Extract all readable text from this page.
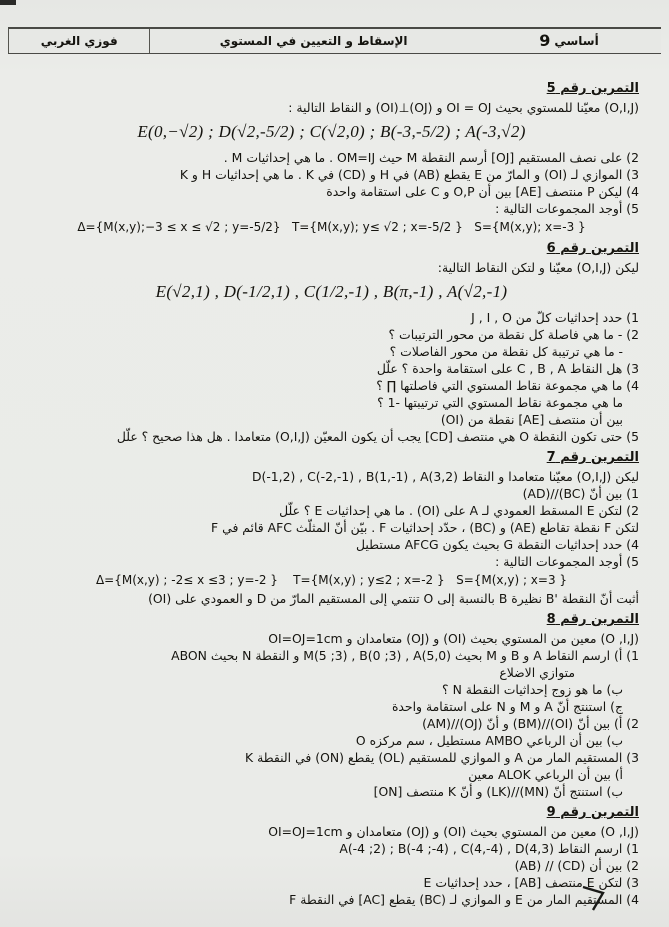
فوزي الغربي	الإسقاط و التعيين في المستوي	9 أساسي
التمرين رقم 5
‎(O,I,J)‎ معيّنا للمستوي بحيث OI = OJ و ‎(OI)⊥(OJ)‎ و النقاط التالية :
E(0,−√2) ; D(√2,-5/2) ; C(√2,0) ; B(-3,-5/2) ; A(-3,√2)
2) على نصف المستقيم ‎[OJ]‎ أرسم النقطة M حيث OM=IJ . ما هي إحداثيات M .
3) الموازي لـ ‎(OI)‎ و المارّ من E يقطع ‎(AB)‎ في H و ‎(CD)‎ في K . ما هي إحداثيات H و K
4) ليكن P منتصف ‎[AE]‎ بين أن O,P و C على استقامة واحدة
5) أوجد المجموعات التالية :
Δ={M(x,y);−3 ≤ x ≤ √2 ; y=-5/2}   T={M(x,y); y≤ √2 ; x=-5/2 }   S={M(x,y); x=-3 }
التمرين رقم 6
ليكن ‎(O,I,J)‎ معيّنا و لتكن النقاط التالية:
E(√2,1) , D(-1/2,1) , C(1/2,-1) , B(π,-1) , A(√2,-1)
1) حدد إحداثيات كلّ من J , I , O
2) - ما هي فاصلة كل نقطة من محور الترتيبات ؟
- ما هي ترتيبة كل نقطة من محور الفاصلات ؟
3) هل النقاط C , B , A على استقامة واحدة ؟ علّل
4) ما هي مجموعة نقاط المستوي التي فاصلتها ∏ ؟
ما هي مجموعة نقاط المستوي التي ترتيبتها -1 ؟
بين أن منتصف ‎[AE]‎ نقطة من ‎(OI)‎
5) حتى تكون النقطة O هي منتصف ‎[CD]‎ يجب أن يكون المعيّن ‎(O,I,J)‎ متعامدا . هل هذا صحيح ؟ علّل
التمرين رقم 7
ليكن ‎(O,I,J)‎ معيّنا متعامدا و النقاط ‎D(-1,2) , C(-2,-1) , B(1,-1) , A(3,2)‎
1) بين أنّ ‎(AD)//(BC)‎
2) لتكن E المسقط العمودي لـ A على ‎(OI)‎ . ما هي إحداثيات E ؟ علّل
لتكن F نقطة تقاطع ‎(AE)‎ و ‎(BC)‎ ، حدّد إحداثيات F . بيّن أنّ المثلّث AFC قائم في F
4) حدد إحداثيات النقطة G بحيث يكون AFCG مستطيل
5) أوجد المجموعات التالية :
Δ={M(x,y) ; -2≤ x ≤3 ; y=-2 }    T={M(x,y) ; y≤2 ; x=-2 }   S={M(x,y) ; x=3 }
أثبت أنّ النقطة ‎B'‎ نظيرة B بالنسبة إلى O تنتمي إلى المستقيم المارّ من D و العمودي على ‎(OI)‎
التمرين رقم 8
‎(O ,I,J)‎ معين من المستوي بحيث ‎(OI)‎ و ‎(OJ)‎ متعامدان و OI=OJ=1cm
1) أ) ارسم النقاط A و B و M بحيث ‎M(5 ;3) , B(0 ;3) , A(5,0)‎ و النقطة N بحيث ABON
متوازي الاضلاع
ب) ما هو زوج إحداثيات النقطة N ؟
ج) استنتج أنّ A و M و N على استقامة واحدة
2) أ) بين أنّ ‎(BM)//(OI)‎ و أنّ ‎(AM)//(OJ)‎
ب) بين أن الرباعي AMBO مستطيل ، سم مركزه O
3) المستقيم المار من A و الموازي للمستقيم ‎(OL)‎ يقطع ‎(ON)‎ في النقطة K
أ) بين أن الرباعي ALOK معين
ب) استنتج أنّ ‎(LK)//(MN)‎ و أنّ K منتصف ‎[ON]‎
التمرين رقم 9
‎(O ,I,J)‎ معين من المستوي بحيث ‎(OI)‎ و ‎(OJ)‎ متعامدان و OI=OJ=1cm
1) ارسم النقاط ‎A(-4 ;2) ; B(-4 ;-4) , C(4,-4) , D(4,3)‎
2) بين أن ‎(AB) // (CD)‎
3) لتكن E منتصف ‎[AB]‎ ، حدد إحداثيات E
4) المستقيم المار من E و الموازي لـ ‎(BC)‎ يقطع ‎[AC]‎ في النقطة F
